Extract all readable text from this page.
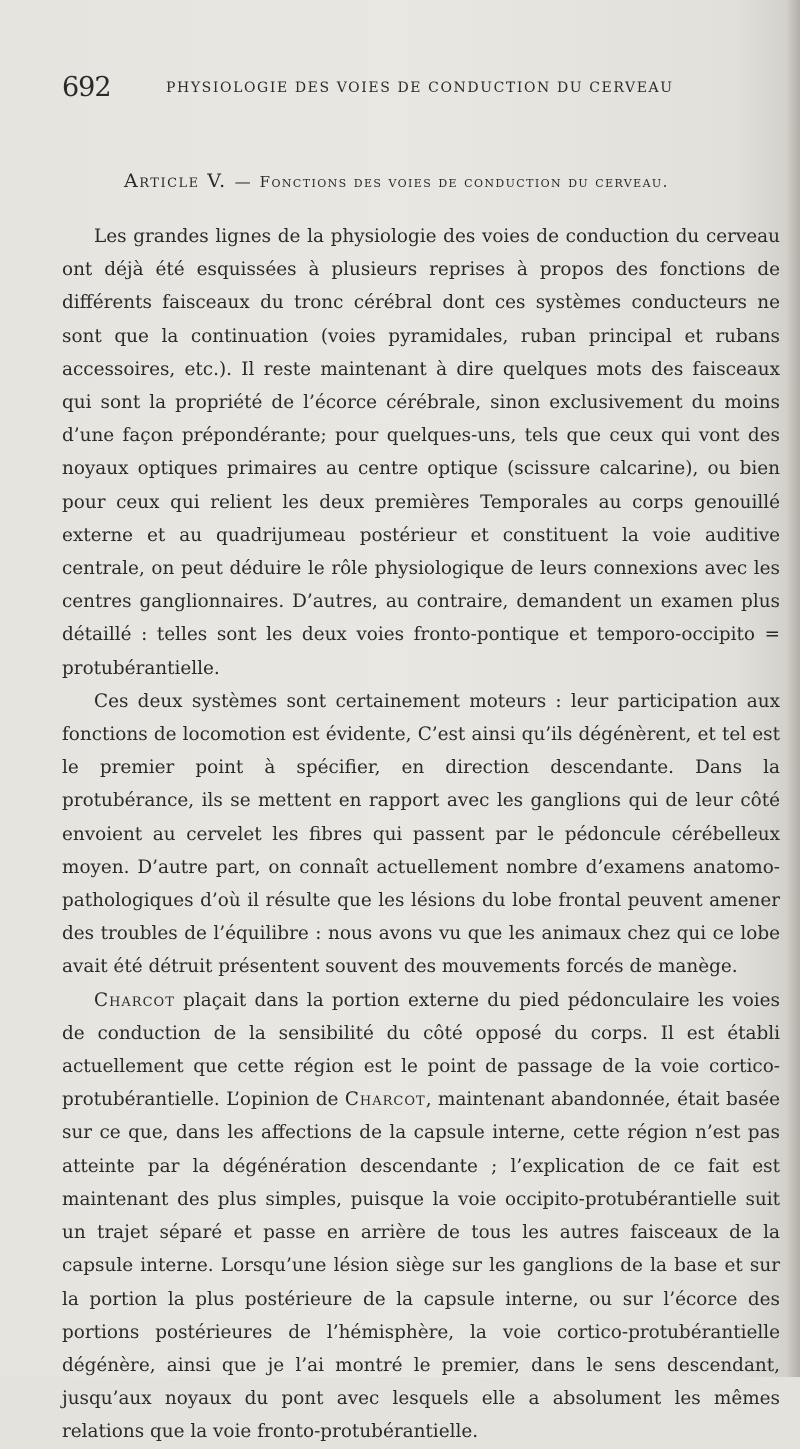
692	PHYSIOLOGIE DES VOIES DE CONDUCTION DU CERVEAU
Article V. — Fonctions des voies de conduction du cerveau.

Les grandes lignes de la physiologie des voies de conduction du cerveau ont déjà été esquissées à plusieurs reprises à propos des fonctions de différents faisceaux du tronc cérébral dont ces systèmes conducteurs ne sont que la continuation (voies pyramidales, ruban principal et rubans accessoires, etc.). Il reste maintenant à dire quelques mots des faisceaux qui sont la propriété de l’écorce cérébrale, sinon exclusivement du moins d’une façon prépondérante; pour quelques-uns, tels que ceux qui vont des noyaux optiques primaires au centre optique (scissure calcarine), ou bien pour ceux qui relient les deux premières Temporales au corps genouillé externe et au quadrijumeau postérieur et constituent la voie auditive centrale, on peut déduire le rôle physiologique de leurs connexions avec les centres ganglionnaires. D’autres, au contraire, demandent un examen plus détaillé : telles sont les deux voies fronto-pontique et temporo-occipito = protubérantielle.

Ces deux systèmes sont certainement moteurs : leur participation aux fonctions de locomotion est évidente, C’est ainsi qu’ils dégénèrent, et tel est le premier point à spécifier, en direction descendante. Dans la protubérance, ils se mettent en rapport avec les ganglions qui de leur côté envoient au cervelet les fibres qui passent par le pédoncule cérébelleux moyen. D’autre part, on connaît actuellement nombre d’examens anatomo-pathologiques d’où il résulte que les lésions du lobe frontal peuvent amener des troubles de l’équilibre : nous avons vu que les animaux chez qui ce lobe avait été détruit présentent souvent des mouvements forcés de manège.

Charcot plaçait dans la portion externe du pied pédonculaire les voies de conduction de la sensibilité du côté opposé du corps. Il est établi actuellement que cette région est le point de passage de la voie cortico-protubérantielle. L’opinion de Charcot, maintenant abandonnée, était basée sur ce que, dans les affections de la capsule interne, cette région n’est pas atteinte par la dégénération descendante ; l’explication de ce fait est maintenant des plus simples, puisque la voie occipito-protubérantielle suit un trajet séparé et passe en arrière de tous les autres faisceaux de la capsule interne. Lorsqu’une lésion siège sur les ganglions de la base et sur la portion la plus postérieure de la capsule interne, ou sur l’écorce des portions postérieures de l’hémisphère, la voie cortico-protubérantielle dégénère, ainsi que je l’ai montré le premier, dans le sens descendant, jusqu’aux noyaux du pont avec lesquels elle a absolument les mêmes relations que la voie fronto-protubérantielle.
